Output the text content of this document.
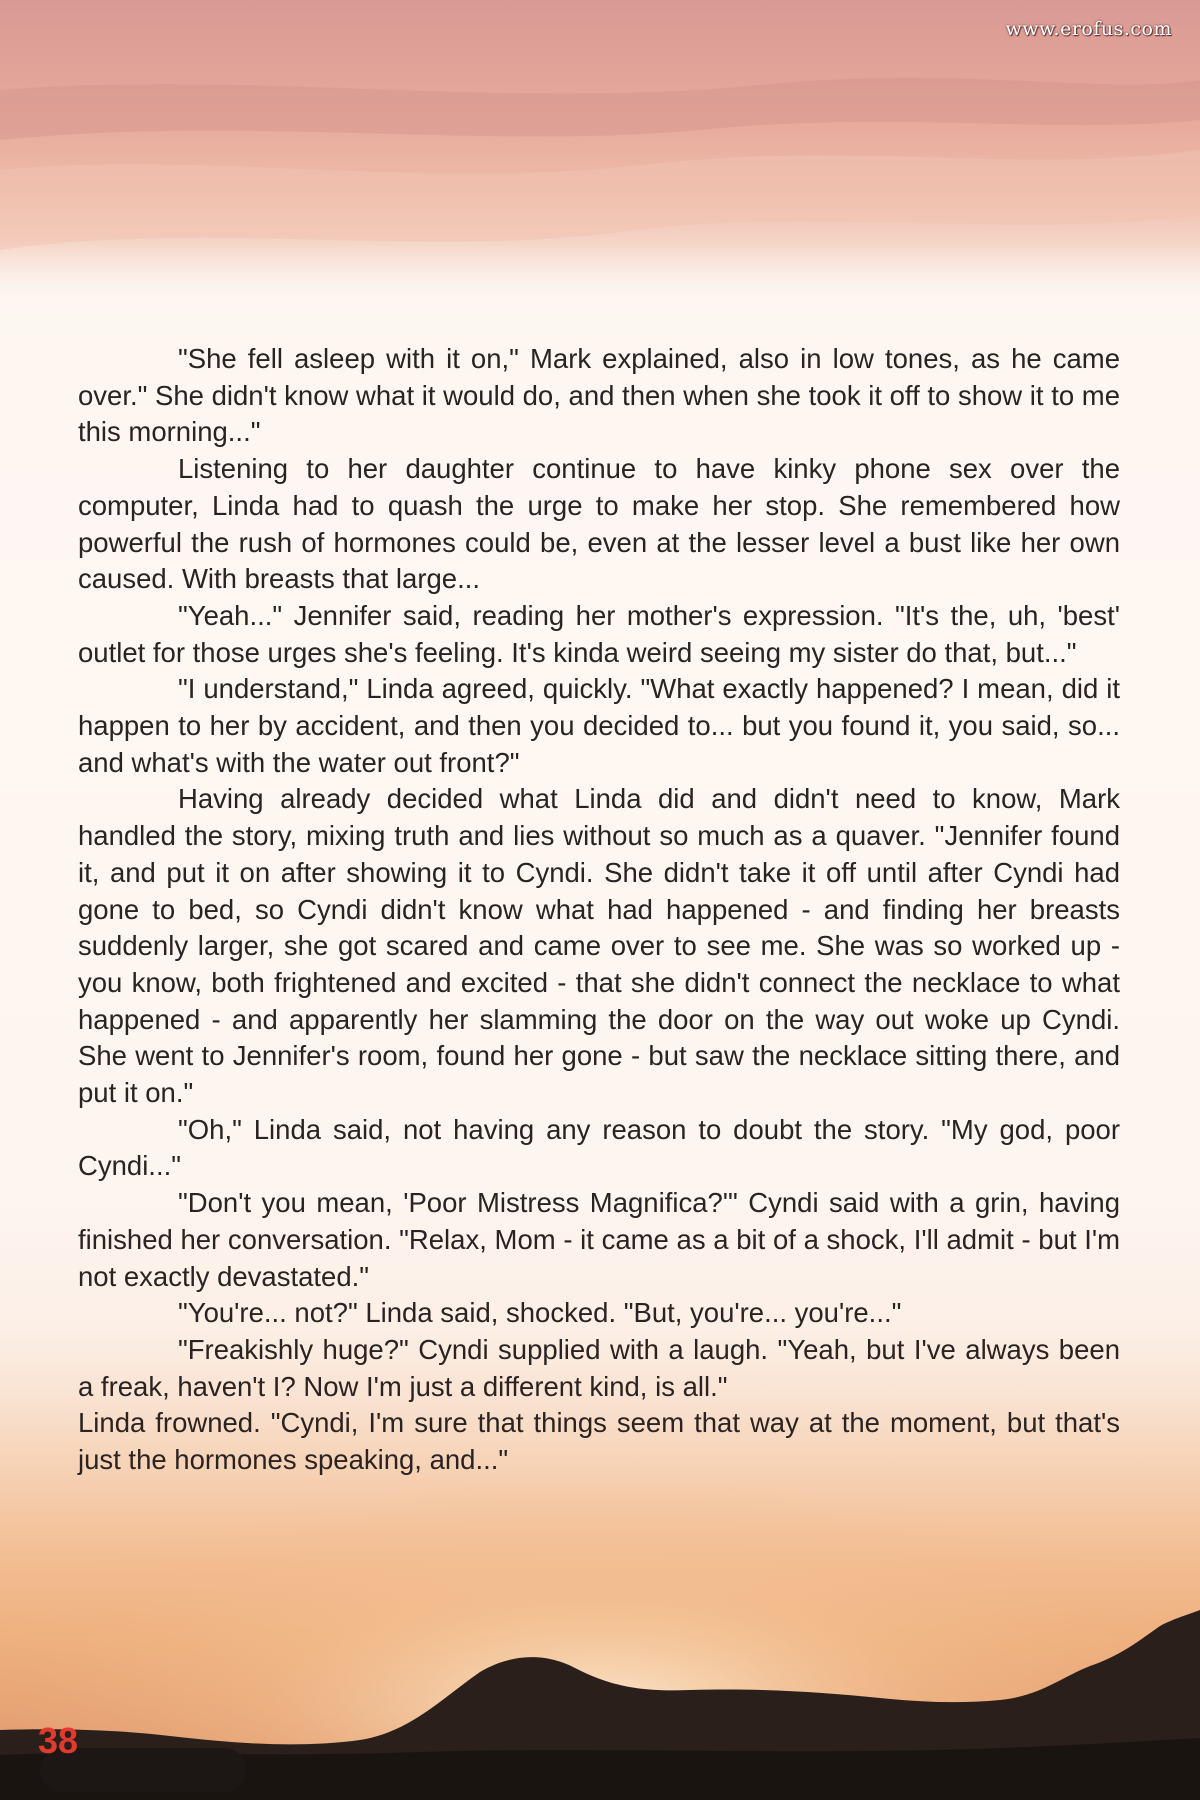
www.erofus.com

"She fell asleep with it on," Mark explained, also in low tones, as he came over." She didn't know what it would do, and then when she took it off to show it to me this morning..."

Listening to her daughter continue to have kinky phone sex over the computer, Linda had to quash the urge to make her stop. She remembered how powerful the rush of hormones could be, even at the lesser level a bust like her own caused. With breasts that large...

"Yeah..." Jennifer said, reading her mother's expression. "It's the, uh, 'best' outlet for those urges she's feeling. It's kinda weird seeing my sister do that, but..."

"I understand," Linda agreed, quickly. "What exactly happened? I mean, did it happen to her by accident, and then you decided to... but you found it, you said, so... and what's with the water out front?"

Having already decided what Linda did and didn't need to know, Mark handled the story, mixing truth and lies without so much as a quaver. "Jennifer found it, and put it on after showing it to Cyndi. She didn't take it off until after Cyndi had gone to bed, so Cyndi didn't know what had happened - and finding her breasts suddenly larger, she got scared and came over to see me. She was so worked up - you know, both frightened and excited - that she didn't connect the necklace to what happened - and apparently her slamming the door on the way out woke up Cyndi. She went to Jennifer's room, found her gone - but saw the necklace sitting there, and put it on."

"Oh," Linda said, not having any reason to doubt the story. "My god, poor Cyndi..."

"Don't you mean, 'Poor Mistress Magnifica?'" Cyndi said with a grin, having finished her conversation. "Relax, Mom - it came as a bit of a shock, I'll admit - but I'm not exactly devastated."

"You're... not?" Linda said, shocked. "But, you're... you're..."

"Freakishly huge?" Cyndi supplied with a laugh. "Yeah, but I've always been a freak, haven't I? Now I'm just a different kind, is all."

Linda frowned. "Cyndi, I'm sure that things seem that way at the moment, but that's just the hormones speaking, and..."

38
